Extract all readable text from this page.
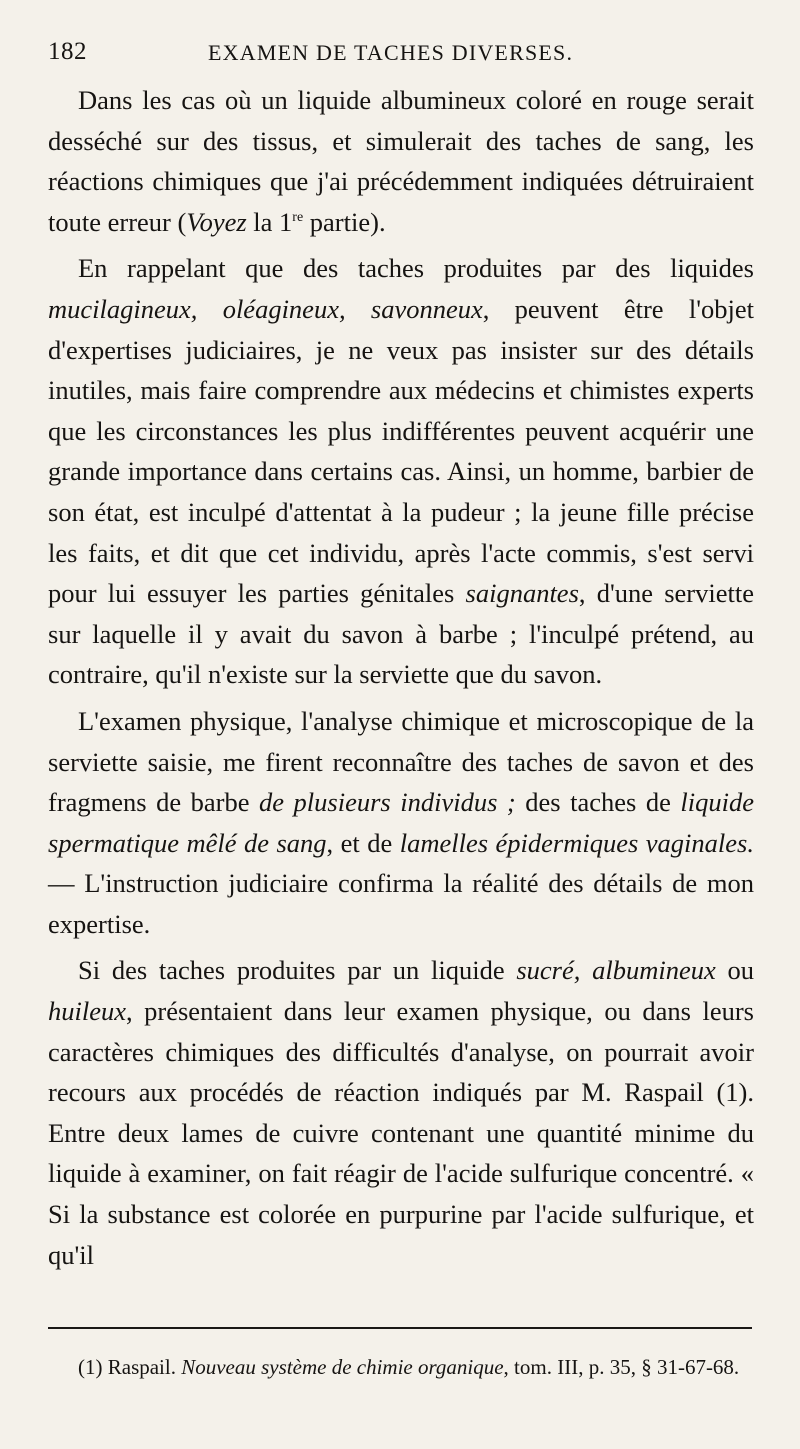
182	EXAMEN DE TACHES DIVERSES.

Dans les cas où un liquide albumineux coloré en rouge serait desséché sur des tissus, et simulerait des taches de sang, les réactions chimiques que j'ai précédemment indiquées détruiraient toute erreur (Voyez la 1re partie).

En rappelant que des taches produites par des liquides mucilagineux, oléagineux, savonneux, peuvent être l'objet d'expertises judiciaires, je ne veux pas insister sur des détails inutiles, mais faire comprendre aux médecins et chimistes experts que les circonstances les plus indifférentes peuvent acquérir une grande importance dans certains cas. Ainsi, un homme, barbier de son état, est inculpé d'attentat à la pudeur ; la jeune fille précise les faits, et dit que cet individu, après l'acte commis, s'est servi pour lui essuyer les parties génitales saignantes, d'une serviette sur laquelle il y avait du savon à barbe ; l'inculpé prétend, au contraire, qu'il n'existe sur la serviette que du savon.

L'examen physique, l'analyse chimique et microscopique de la serviette saisie, me firent reconnaître des taches de savon et des fragmens de barbe de plusieurs individus ; des taches de liquide spermatique mêlé de sang, et de lamelles épidermiques vaginales. — L'instruction judiciaire confirma la réalité des détails de mon expertise.

Si des taches produites par un liquide sucré, albumineux ou huileux, présentaient dans leur examen physique, ou dans leurs caractères chimiques des difficultés d'analyse, on pourrait avoir recours aux procédés de réaction indiqués par M. Raspail (1). Entre deux lames de cuivre contenant une quantité minime du liquide à examiner, on fait réagir de l'acide sulfurique concentré. « Si la substance est colorée en purpurine par l'acide sulfurique, et qu'il

(1) Raspail. Nouveau système de chimie organique, tom. III, p. 35, § 31-67-68.
